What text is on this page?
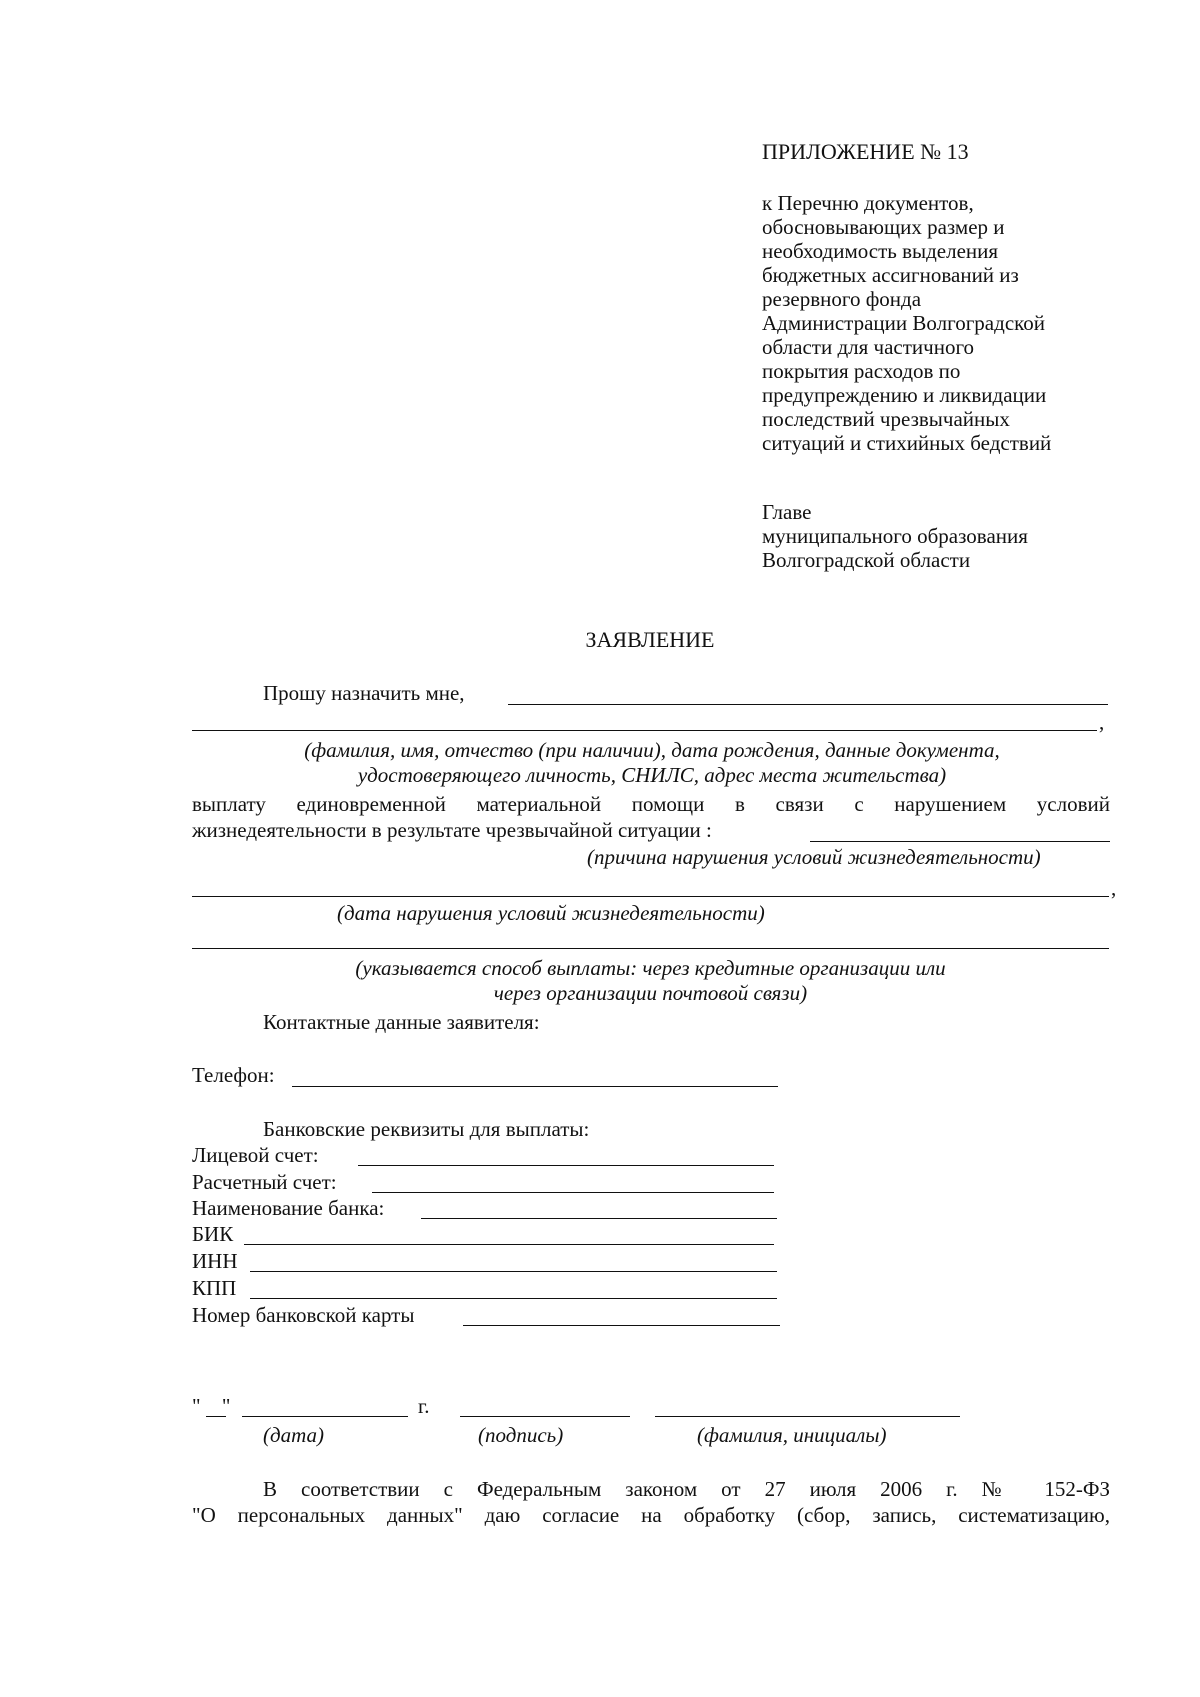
ПРИЛОЖЕНИЕ № 13
к Перечню документов,
обосновывающих размер и
необходимость выделения
бюджетных ассигнований из
резервного фонда
Администрации Волгоградской
области для частичного
покрытия расходов по
предупреждению и ликвидации
последствий чрезвычайных
ситуаций и стихийных бедствий
Главе
муниципального образования
Волгоградской области
ЗАЯВЛЕНИЕ
Прошу назначить мне,
,
(фамилия, имя, отчество (при наличии), дата рождения, данные документа,
удостоверяющего личность, СНИЛС, адрес места жительства)
выплату единовременной материальной помощи в связи с нарушением условий
жизнедеятельности в результате чрезвычайной ситуации :
(причина нарушения условий жизнедеятельности)
,
(дата нарушения условий жизнедеятельности)
(указывается способ выплаты: через кредитные организации или
через организации почтовой связи)
Контактные данные заявителя:
Телефон:
Банковские реквизиты для выплаты:
Лицевой счет:
Расчетный счет:
Наименование банка:
БИК
ИНН
КПП
Номер банковской карты
" "	г.
(дата)	(подпись)	(фамилия, инициалы)
В соответствии с Федеральным законом от 27 июля 2006 г. № 152-ФЗ
"О персональных данных" даю согласие на обработку (сбор, запись, систематизацию,
